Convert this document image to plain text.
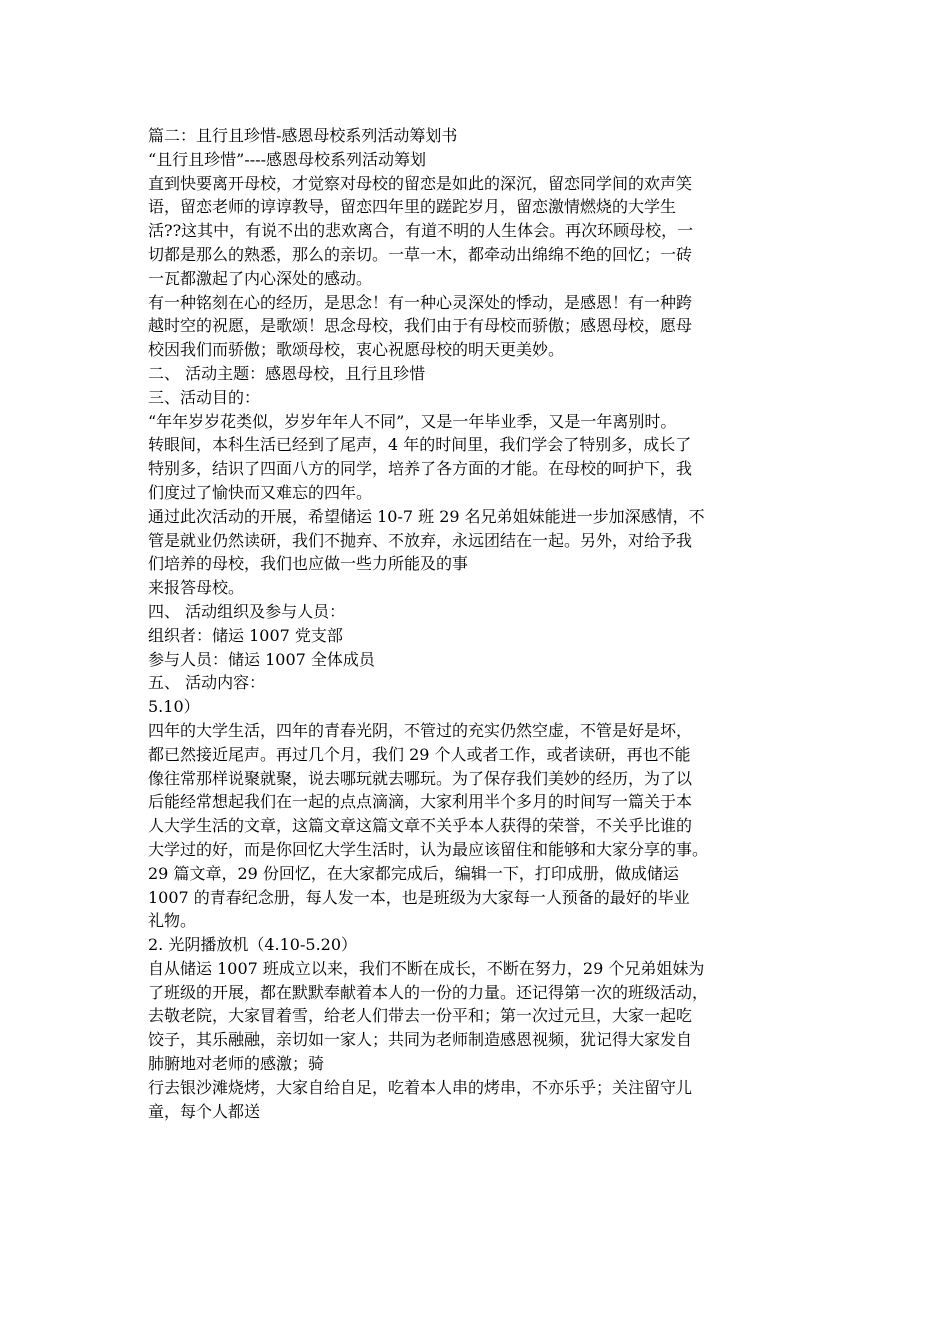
篇二：且行且珍惜-感恩母校系列活动筹划书
“且行且珍惜”----感恩母校系列活动筹划
直到快要离开母校，才觉察对母校的留恋是如此的深沉，留恋同学间的欢声笑
语，留恋老师的谆谆教导，留恋四年里的蹉跎岁月，留恋激情燃烧的大学生
活??这其中，有说不出的悲欢离合，有道不明的人生体会。再次环顾母校，一
切都是那么的熟悉，那么的亲切。一草一木，都牵动出绵绵不绝的回忆；一砖
一瓦都激起了内心深处的感动。
有一种铭刻在心的经历，是思念！有一种心灵深处的悸动，是感恩！有一种跨
越时空的祝愿，是歌颂！思念母校，我们由于有母校而骄傲；感恩母校，愿母
校因我们而骄傲；歌颂母校，衷心祝愿母校的明天更美妙。
二、 活动主题：感恩母校，且行且珍惜
三、活动目的：
“年年岁岁花类似，岁岁年年人不同”，又是一年毕业季，又是一年离别时。
转眼间，本科生活已经到了尾声，4 年的时间里，我们学会了特别多，成长了
特别多，结识了四面八方的同学，培养了各方面的才能。在母校的呵护下，我
们度过了愉快而又难忘的四年。
通过此次活动的开展，希望储运 10-7 班 29 名兄弟姐妹能进一步加深感情，不
管是就业仍然读研，我们不抛弃、不放弃，永远团结在一起。另外，对给予我
们培养的母校，我们也应做一些力所能及的事
来报答母校。
四、 活动组织及参与人员：
组织者：储运 1007 党支部
参与人员：储运 1007 全体成员
五、 活动内容：
5.10）
四年的大学生活，四年的青春光阴，不管过的充实仍然空虚，不管是好是坏，
都已然接近尾声。再过几个月，我们 29 个人或者工作，或者读研，再也不能
像往常那样说聚就聚，说去哪玩就去哪玩。为了保存我们美妙的经历，为了以
后能经常想起我们在一起的点点滴滴，大家利用半个多月的时间写一篇关于本
人大学生活的文章，这篇文章这篇文章不关乎本人获得的荣誉，不关乎比谁的
大学过的好，而是你回忆大学生活时，认为最应该留住和能够和大家分享的事。
29 篇文章，29 份回忆，在大家都完成后，编辑一下，打印成册，做成储运
1007 的青春纪念册，每人发一本，也是班级为大家每一人预备的最好的毕业
礼物。
2. 光阴播放机（4.10-5.20）
自从储运 1007 班成立以来，我们不断在成长，不断在努力，29 个兄弟姐妹为
了班级的开展，都在默默奉献着本人的一份的力量。还记得第一次的班级活动，
去敬老院，大家冒着雪，给老人们带去一份平和；第一次过元旦，大家一起吃
饺子，其乐融融，亲切如一家人；共同为老师制造感恩视频，犹记得大家发自
肺腑地对老师的感激；骑
行去银沙滩烧烤，大家自给自足，吃着本人串的烤串，不亦乐乎；关注留守儿
童，每个人都送
